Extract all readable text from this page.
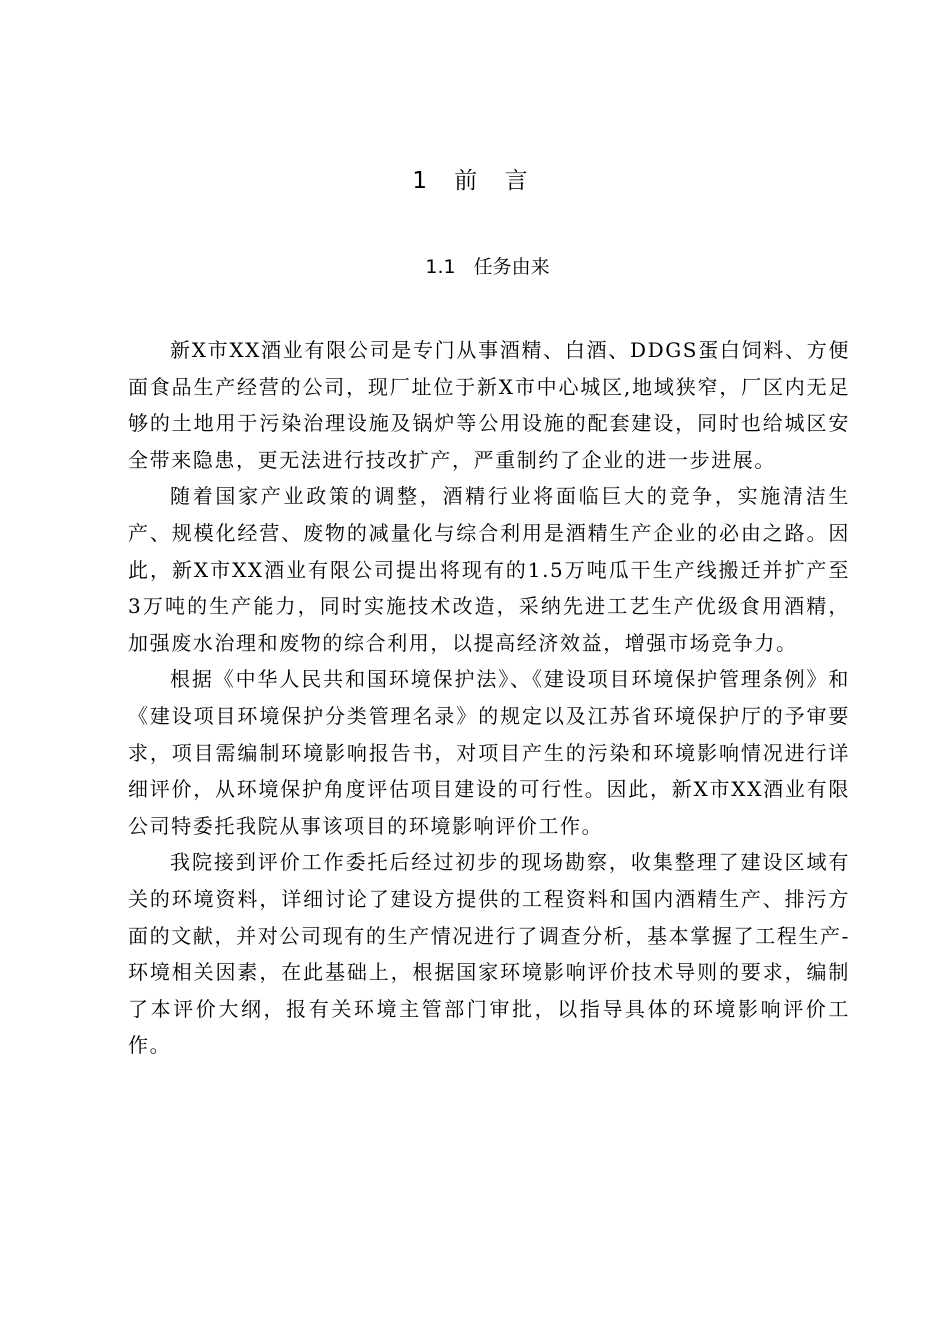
1 前 言
1.1 任务由来

新X市XX酒业有限公司是专门从事酒精、白酒、DDGS蛋白饲料、方便面食品生产经营的公司，现厂址位于新X市中心城区,地域狭窄，厂区内无足够的土地用于污染治理设施及锅炉等公用设施的配套建设，同时也给城区安全带来隐患，更无法进行技改扩产，严重制约了企业的进一步进展。

随着国家产业政策的调整，酒精行业将面临巨大的竞争，实施清洁生产、规模化经营、废物的减量化与综合利用是酒精生产企业的必由之路。因此，新X市XX酒业有限公司提出将现有的1.5万吨瓜干生产线搬迁并扩产至3万吨的生产能力，同时实施技术改造，采纳先进工艺生产优级食用酒精，加强废水治理和废物的综合利用，以提高经济效益，增强市场竞争力。

根据《中华人民共和国环境保护法》、《建设项目环境保护管理条例》和《建设项目环境保护分类管理名录》的规定以及江苏省环境保护厅的予审要求，项目需编制环境影响报告书，对项目产生的污染和环境影响情况进行详细评价，从环境保护角度评估项目建设的可行性。因此，新X市XX酒业有限公司特委托我院从事该项目的环境影响评价工作。

我院接到评价工作委托后经过初步的现场勘察，收集整理了建设区域有关的环境资料，详细讨论了建设方提供的工程资料和国内酒精生产、排污方面的文献，并对公司现有的生产情况进行了调查分析，基本掌握了工程生产-环境相关因素，在此基础上，根据国家环境影响评价技术导则的要求，编制了本评价大纲，报有关环境主管部门审批，以指导具体的环境影响评价工作。
